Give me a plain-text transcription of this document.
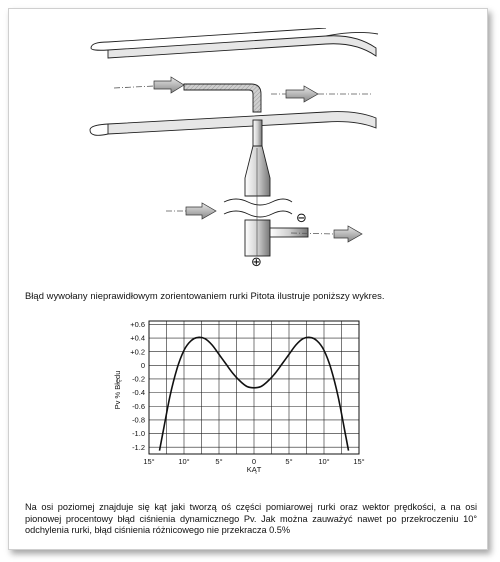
⊖
⊕
Błąd wywołany nieprawidłowym zorientowaniem rurki Pitota ilustruje poniższy wykres.
+0.6
+0.4
+0.2
0
-0.2
-0.4
-0.6
-0.8
-1.0
-1.2
15°	10°	5°	0	5°	10°	15°
Pv % Błędu
KĄT
Na osi poziomej znajduje się kąt jaki tworzą oś części pomiarowej rurki oraz wektor prędkości, a na osi pionowej procentowy błąd ciśnienia dynamicznego Pv. Jak można zauważyć nawet po przekroczeniu 10° odchylenia rurki, błąd ciśnienia różnicowego nie przekracza 0.5%
